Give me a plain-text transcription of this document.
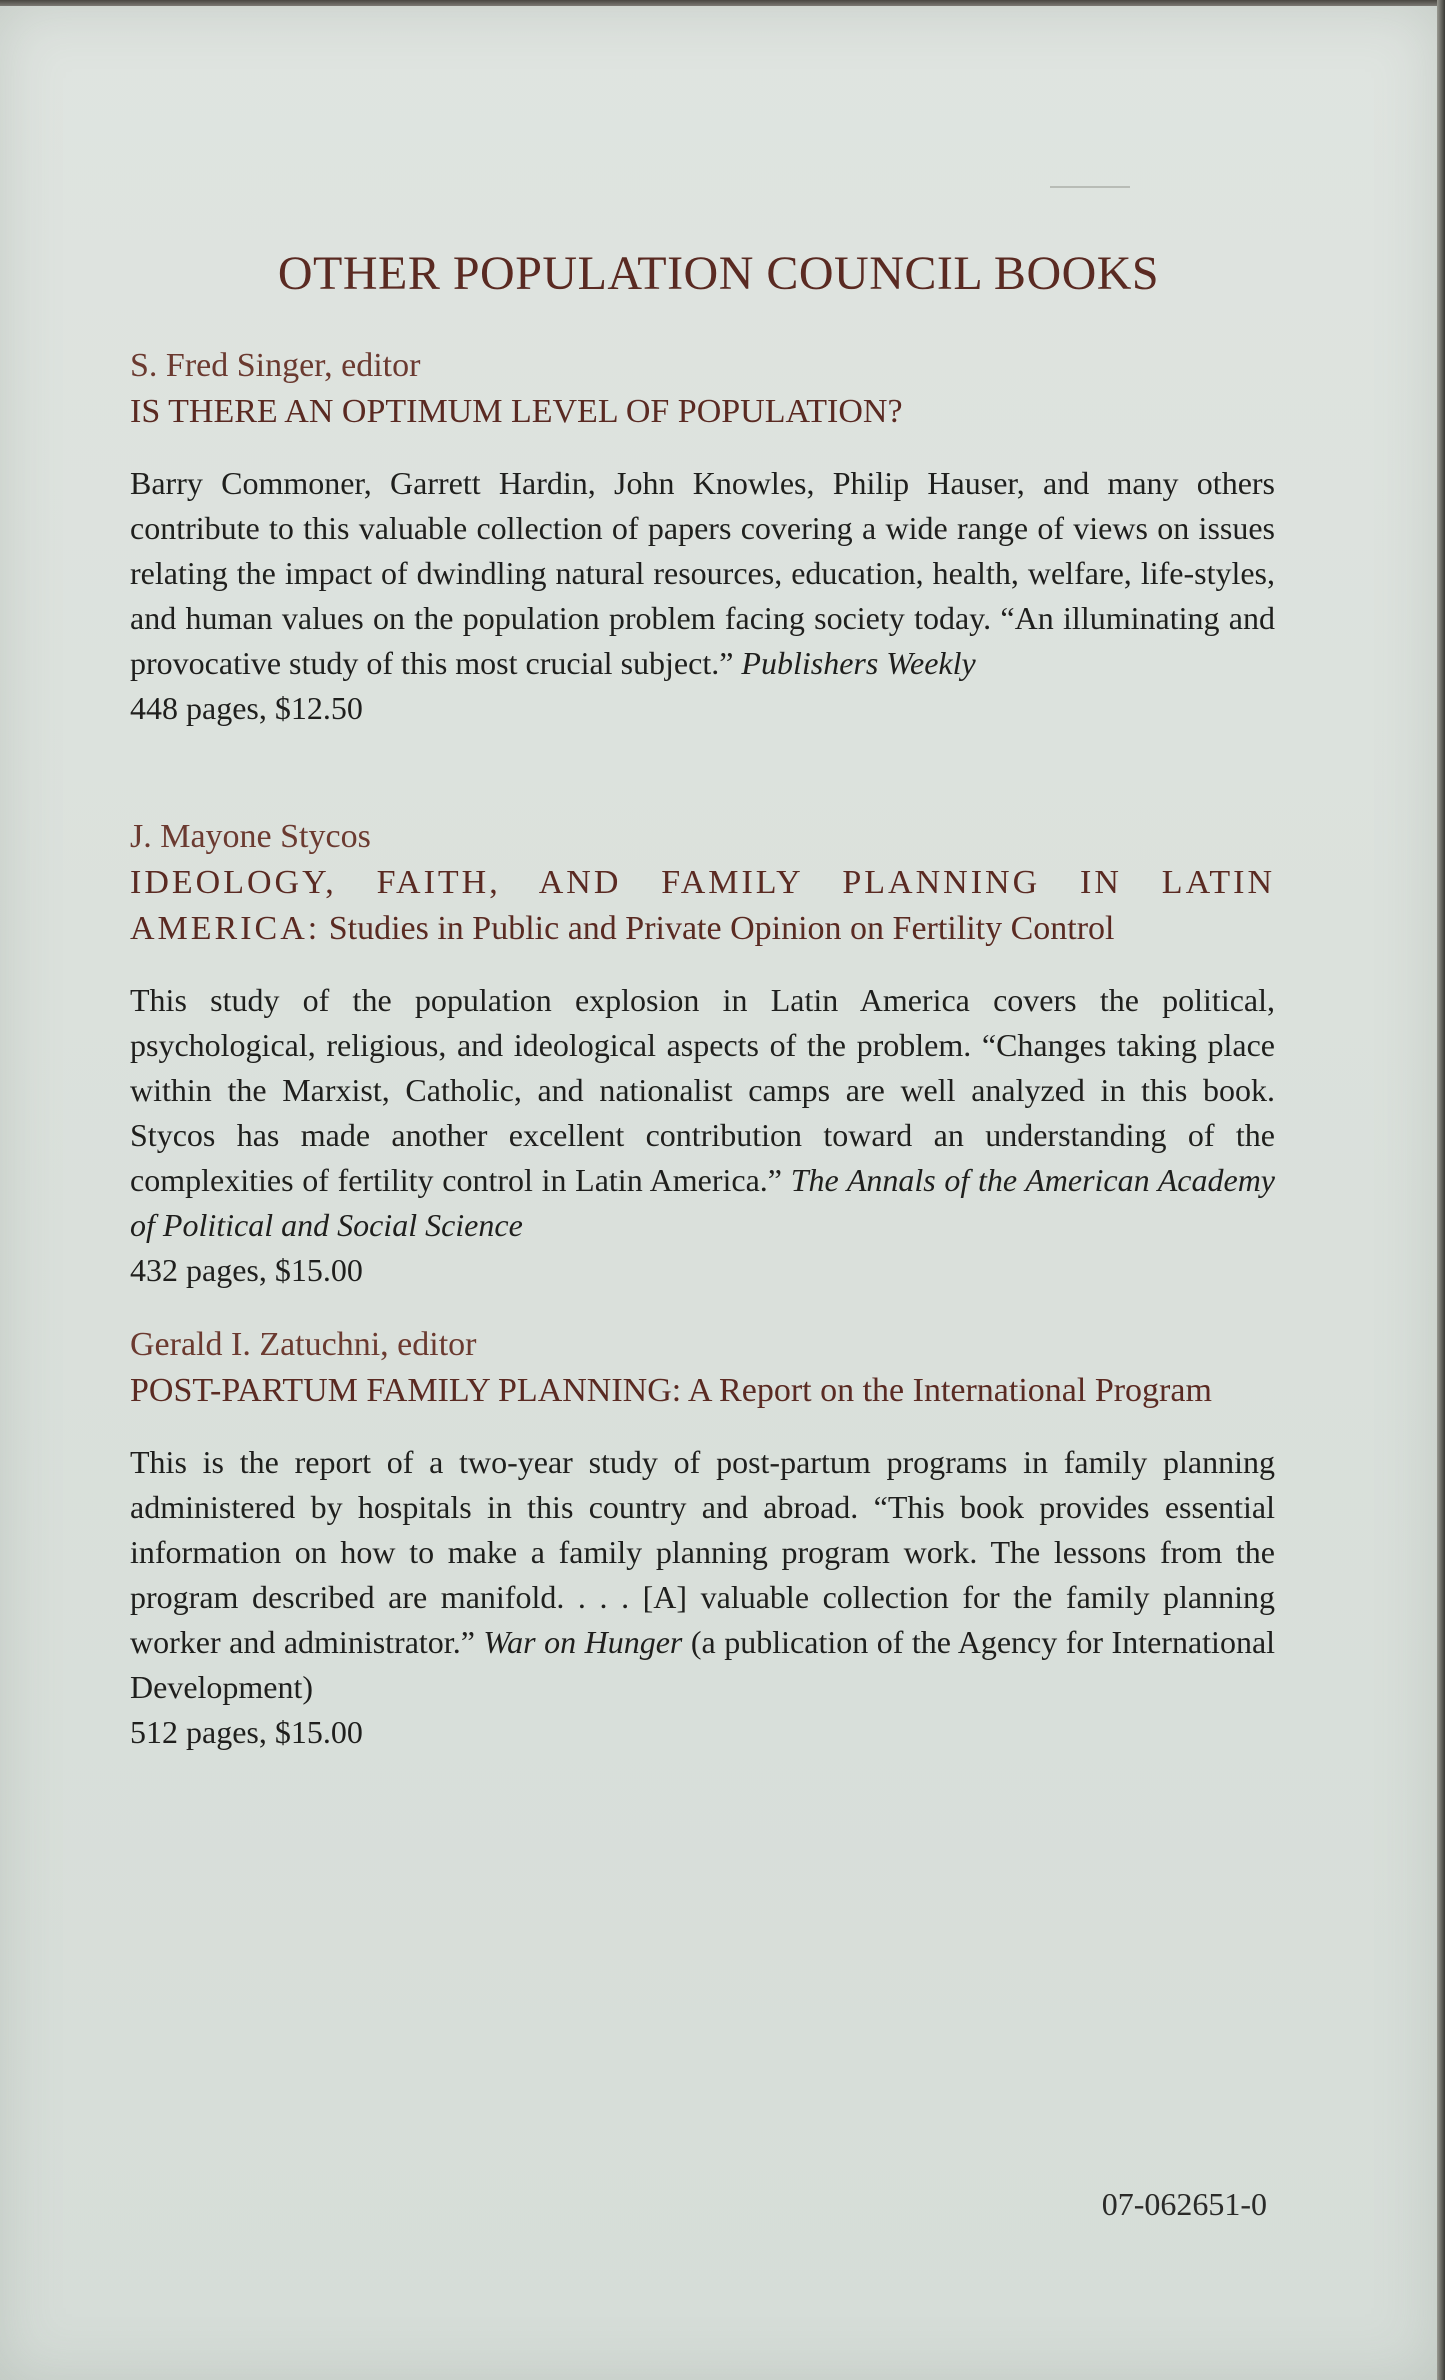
OTHER POPULATION COUNCIL BOOKS

S. Fred Singer, editor

IS THERE AN OPTIMUM LEVEL OF POPULATION?

Barry Commoner, Garrett Hardin, John Knowles, Philip Hauser, and many others contribute to this valuable collection of papers covering a wide range of views on issues relating the impact of dwindling natural resources, education, health, welfare, life-styles, and human values on the population problem facing society today. “An illuminating and provocative study of this most crucial subject.” Publishers Weekly

448 pages, $12.50

J. Mayone Stycos

IDEOLOGY, FAITH, AND FAMILY PLANNING IN LATIN AMERICA: Studies in Public and Private Opinion on Fertility Control

This study of the population explosion in Latin America covers the political, psychological, religious, and ideological aspects of the problem. “Changes taking place within the Marxist, Catholic, and nationalist camps are well analyzed in this book. Stycos has made another excellent contribution toward an understanding of the complexities of fertility control in Latin America.” The Annals of the American Academy of Political and Social Science

432 pages, $15.00

Gerald I. Zatuchni, editor

POST-PARTUM FAMILY PLANNING: A Report on the International Program

This is the report of a two-year study of post-partum programs in family planning administered by hospitals in this country and abroad. “This book provides essential information on how to make a family planning program work. The lessons from the program described are manifold. . . . [A] valuable collection for the family planning worker and administrator.” War on Hunger (a publication of the Agency for International Development)

512 pages, $15.00

07-062651-0
